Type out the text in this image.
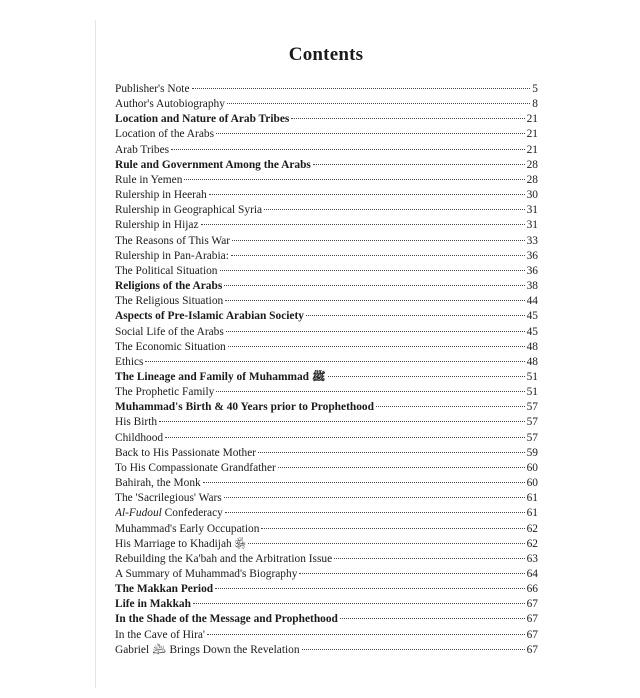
Contents
Publisher's Note	5
Author's Autobiography	8
Location and Nature of Arab Tribes	21
Location of the Arabs	21
Arab Tribes	21
Rule and Government Among the Arabs	28
Rule in Yemen	28
Rulership in Heerah	30
Rulership in Geographical Syria	31
Rulership in Hijaz	31
The Reasons of This War	33
Rulership in Pan-Arabia:	36
The Political Situation	36
Religions of the Arabs	38
The Religious Situation	44
Aspects of Pre-Islamic Arabian Society	45
Social Life of the Arabs	45
The Economic Situation	48
Ethics	48
The Lineage and Family of Muhammad ﷺ	51
The Prophetic Family	51
Muhammad's Birth & 40 Years prior to Prophethood	57
His Birth	57
Childhood	57
Back to His Passionate Mother	59
To His Compassionate Grandfather	60
Bahirah, the Monk	60
The 'Sacrilegious' Wars	61
Al-Fudoul Confederacy	61
Muhammad's Early Occupation	62
His Marriage to Khadijah ﵂	62
Rebuilding the Ka'bah and the Arbitration Issue	63
A Summary of Muhammad's Biography	64
The Makkan Period	66
Life in Makkah	67
In the Shade of the Message and Prophethood	67
In the Cave of Hira'	67
Gabriel ﵇ Brings Down the Revelation	67
